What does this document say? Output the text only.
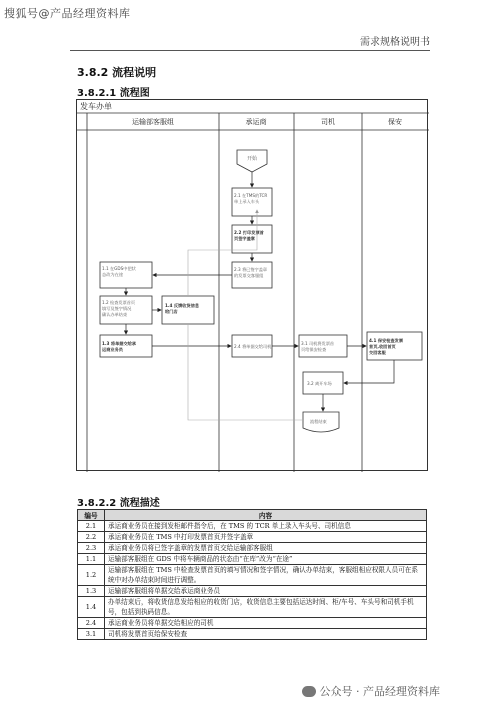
搜狐号@产品经理资料库
需求规格说明书
3.8.2 流程说明
3.8.2.1 流程图
发车办单
运输部客服组	承运商	司机	保安
开始
2.1 在TMS的TCR
单上录入车头
2.2 打印发票首
页签字盖章
2.3 将已签字盖章
的发票交客服组
2.4 将单据交给司机
1.1 在GDS中把状
态改为在途
1.2 检查发票首页
填写及签字情况
确认办单结束
1.4 反馈收货信息
给门店
1.3 将单据交给承
运商业务员
3.1 司机将发票首
页给保安检查
4.1 保安检查发票
首页,收回首页
交回客服
3.2 离开车场
流程结束
3.8.2.2 流程描述
编号	内容
2.1	承运商业务员在接到发柜邮件指令后，在 TMS 的 TCR 单上录入车头号、司机信息
2.2	承运商业务员在 TMS 中打印发票首页并签字盖章
2.3	承运商业务员将已签字盖章的发票首页交给运输部客服组
1.1	运输部客服组在 GDS 中将车辆商品的状态由“在库”改为“在途”
1.2	运输部客服组在 TMS 中检查发票首页的填写情况和签字情况，确认办单结束，客服组相应权限人员可在系统中对办单结束时间进行调整。
1.3	运输部客服组将单据交给承运商业务员
1.4	办单结束后，将收货信息发给相应的收货门店，收货信息主要包括运达时间、柜/车号、车头号和司机手机号，包括到执码信息。
2.4	承运商业务员将单据交给相应的司机
3.1	司机将发票首页给保安检查
公众号 · 产品经理资料库
